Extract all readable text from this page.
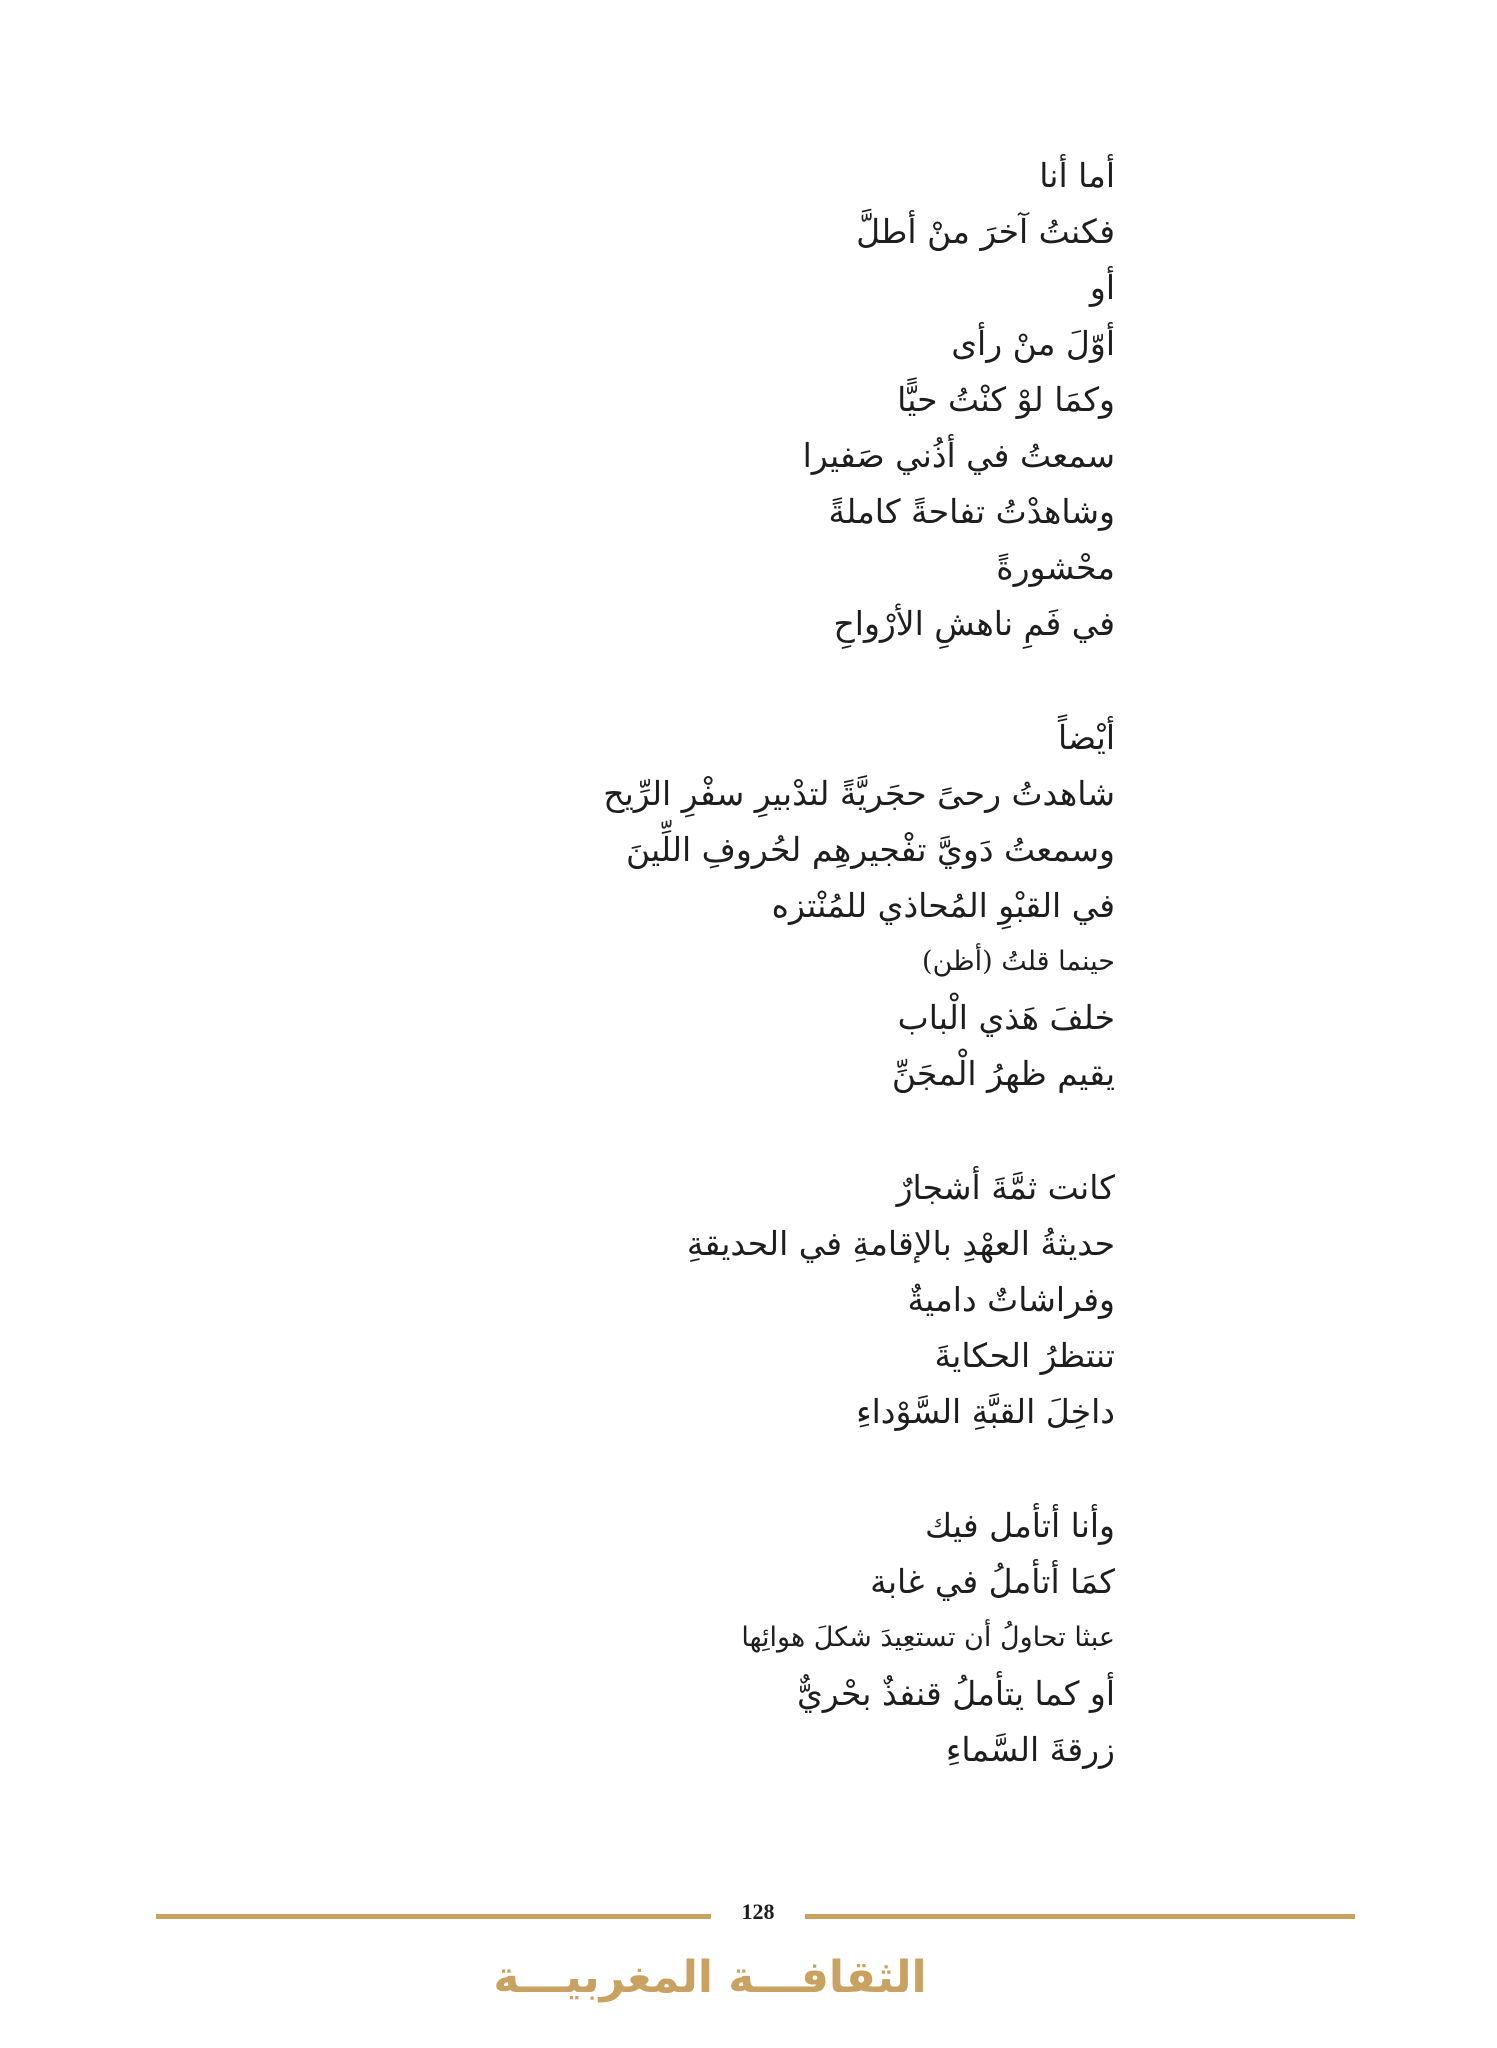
أما أنا
فكنتُ آخرَ منْ أطلَّ
أو
أوّلَ منْ رأى
وكمَا لوْ كنْتُ حيًّا
سمعتُ في أذُني صَفيرا
وشاهدْتُ تفاحةً كاملةً
محْشورةً
في فَمِ ناهشِ الأرْواحِ
أيْضاً
شاهدتُ رحىً حجَريَّةً لتدْبيرِ سفْرِ الرِّيح
وسمعتُ دَويَّ تفْجيرهِم لحُروفِ اللِّينَ
في القبْوِ المُحاذي للمُنْتزه
حينما قلتُ (أظن)
خلفَ هَذي الْباب
يقيم ظهرُ الْمجَنِّ
كانت ثمَّةَ أشجارٌ
حديثةُ العهْدِ بالإقامةِ في الحديقةِ
وفراشاتٌ داميةٌ
تنتظرُ الحكايةَ
داخِلَ القبَّةِ السَّوْداءِ
وأنا أتأمل فيك
كمَا أتأملُ في غابة
عبثا تحاولُ أن تستعِيدَ شكلَ هوائِها
أو كما يتأملُ قنفذٌ بحْريٌّ
زرقةَ السَّماءِ
128
الثقافـــة المغربيـــة
